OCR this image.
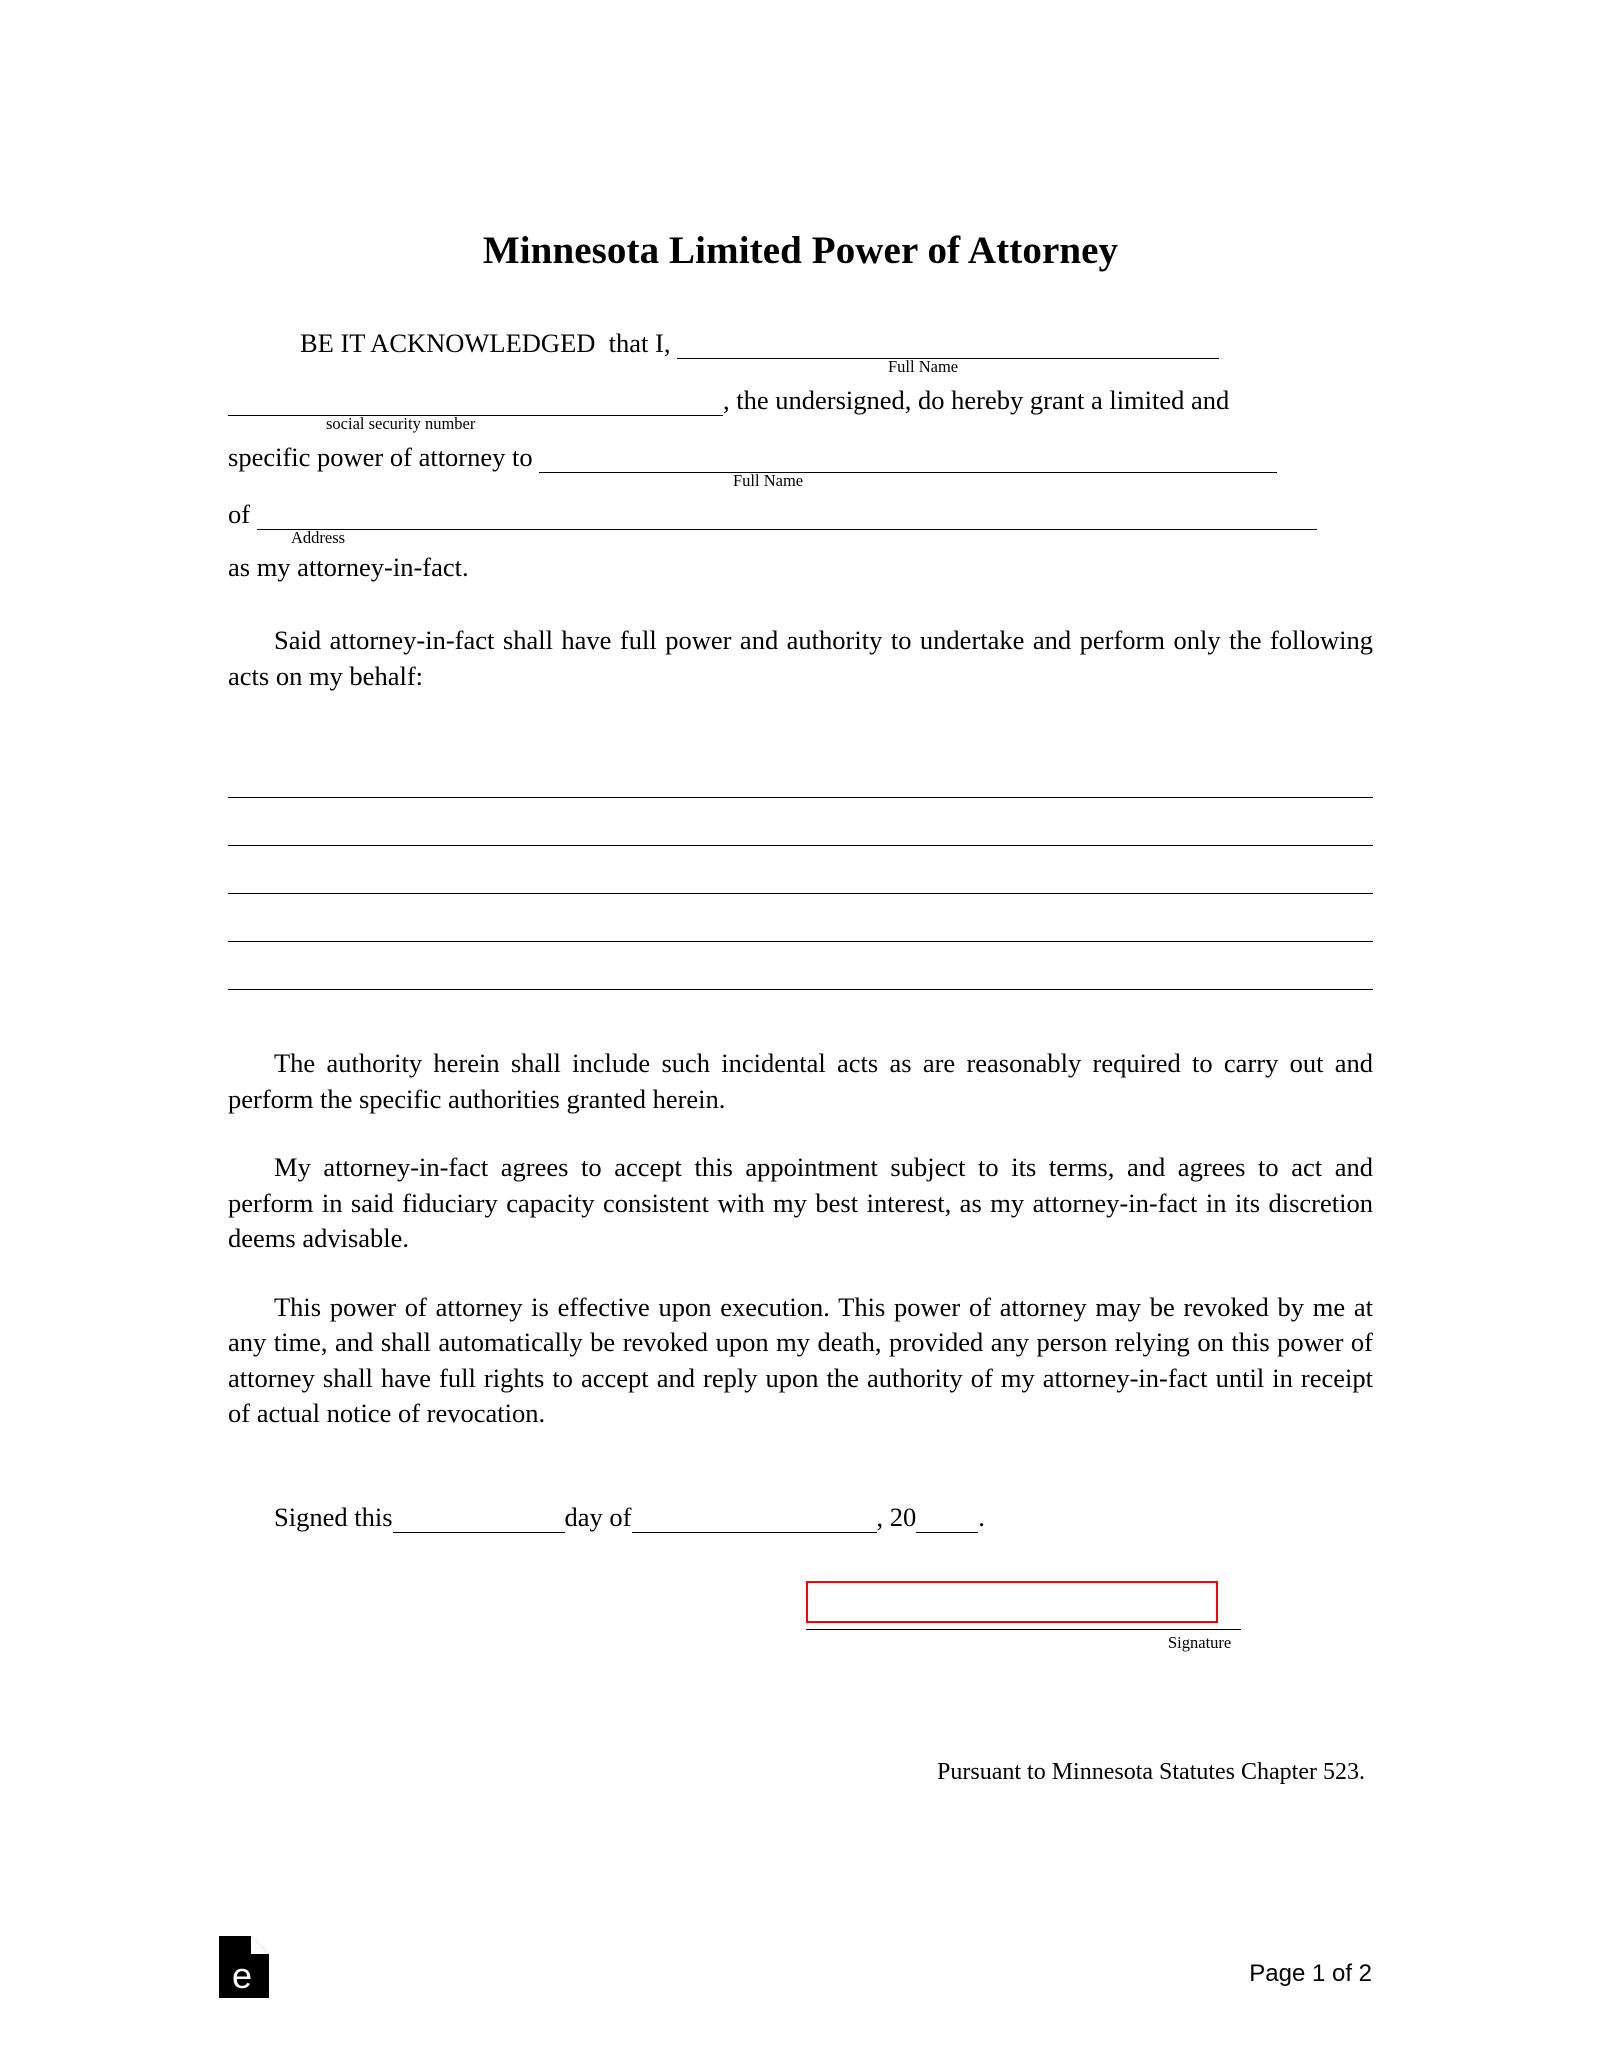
Minnesota Limited Power of Attorney
BE IT ACKNOWLEDGED that I,
Full Name
, the undersigned, do hereby grant a limited and
social security number
specific power of attorney to
Full Name
of
Address
as my attorney-in-fact.

Said attorney-in-fact shall have full power and authority to undertake and perform only the following acts on my behalf:

The authority herein shall include such incidental acts as are reasonably required to carry out and perform the specific authorities granted herein.

My attorney-in-fact agrees to accept this appointment subject to its terms, and agrees to act and perform in said fiduciary capacity consistent with my best interest, as my attorney-in-fact in its discretion deems advisable.

This power of attorney is effective upon execution. This power of attorney may be revoked by me at any time, and shall automatically be revoked upon my death, provided any person relying on this power of attorney shall have full rights to accept and reply upon the authority of my attorney-in-fact until in receipt of actual notice of revocation.

Signed this	day of	, 20 .
Signature
Pursuant to Minnesota Statutes Chapter 523.
e	Page 1 of 2
